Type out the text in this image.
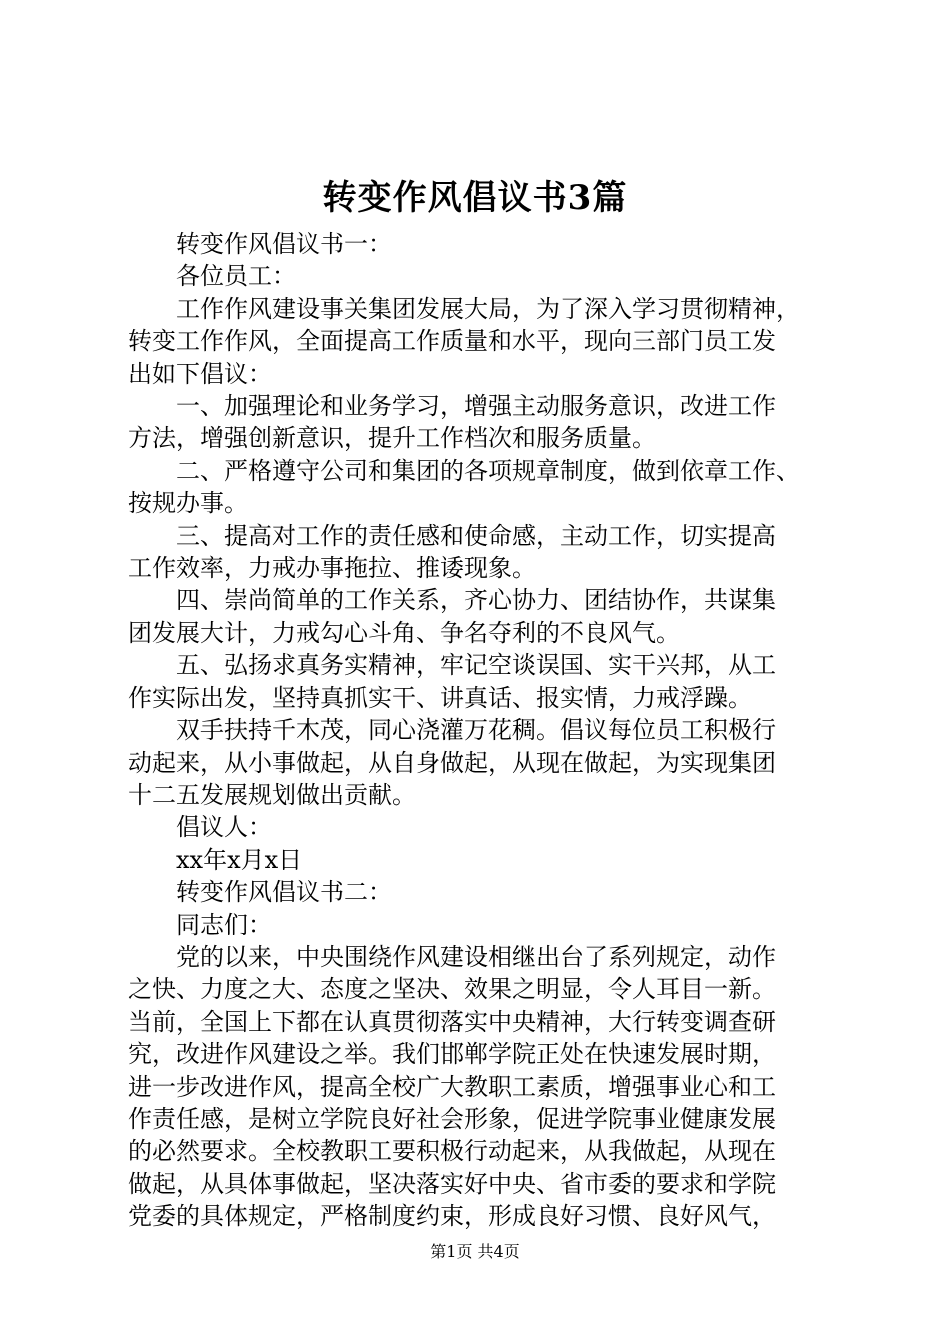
转变作风倡议书3篇

转变作风倡议书一：

各位员工：

工作作风建设事关集团发展大局，为了深入学习贯彻精神，

转变工作作风，全面提高工作质量和水平，现向三部门员工发

出如下倡议：

一、加强理论和业务学习，增强主动服务意识，改进工作

方法，增强创新意识，提升工作档次和服务质量。

二、严格遵守公司和集团的各项规章制度，做到依章工作、

按规办事。

三、提高对工作的责任感和使命感，主动工作，切实提高

工作效率，力戒办事拖拉、推诿现象。

四、崇尚简单的工作关系，齐心协力、团结协作，共谋集

团发展大计，力戒勾心斗角、争名夺利的不良风气。

五、弘扬求真务实精神，牢记空谈误国、实干兴邦，从工

作实际出发，坚持真抓实干、讲真话、报实情，力戒浮躁。

双手扶持千木茂，同心浇灌万花稠。倡议每位员工积极行

动起来，从小事做起，从自身做起，从现在做起，为实现集团

十二五发展规划做出贡献。

倡议人：

xx年x月x日

转变作风倡议书二：

同志们：

党的以来，中央围绕作风建设相继出台了系列规定，动作

之快、力度之大、态度之坚决、效果之明显，令人耳目一新。

当前，全国上下都在认真贯彻落实中央精神，大行转变调查研

究，改进作风建设之举。我们邯郸学院正处在快速发展时期，

进一步改进作风，提高全校广大教职工素质，增强事业心和工

作责任感，是树立学院良好社会形象，促进学院事业健康发展

的必然要求。全校教职工要积极行动起来，从我做起，从现在

做起，从具体事做起，坚决落实好中央、省市委的要求和学院

党委的具体规定，严格制度约束，形成良好习惯、良好风气，

第1页 共4页
